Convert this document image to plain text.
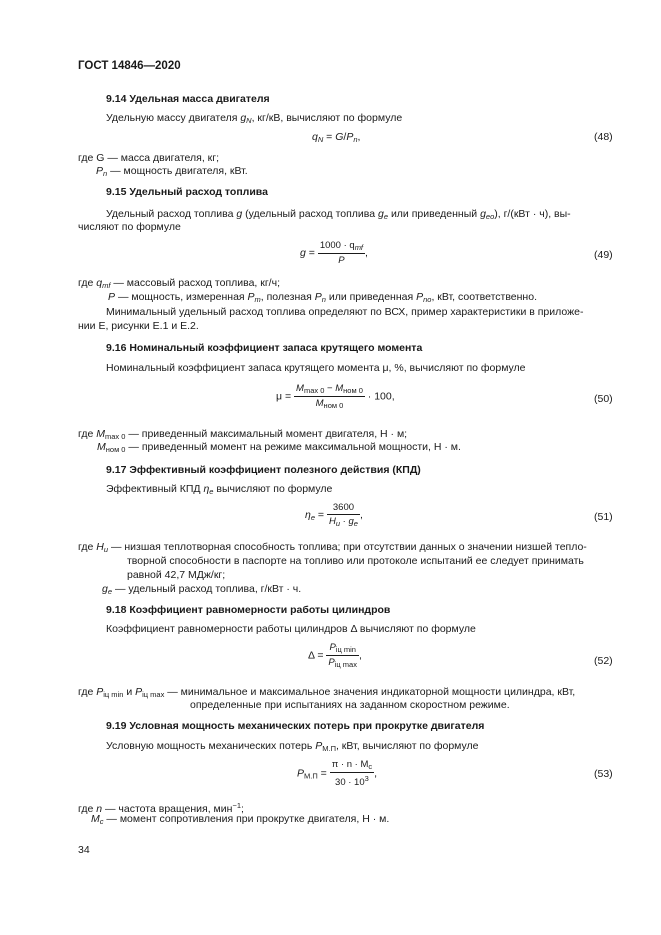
ГОСТ 14846—2020
9.14 Удельная масса двигателя
Удельную массу двигателя $g_N$, кг/кВ, вычисляют по формуле
$q_N = G/P_n$,	(48)
где G — масса двигателя, кг;
$P_n$ — мощность двигателя, кВт.
9.15 Удельный расход топлива
Удельный расход топлива g (удельный расход топлива $g_e$ или приведенный $g_{eo}$), г/(кВт · ч), вы-
числяют по формуле
$g = \frac{1000 \cdot q_{mf}}{P}$ ,	(49)
где $q_{mf}$ — массовый расход топлива, кг/ч;
P — мощность, измеренная $P_m$, полезная $P_n$ или приведенная $P_{no}$, кВт, соответственно.
Минимальный удельный расход топлива определяют по ВСХ, пример характеристики в приложе-
нии Е, рисунки Е.1 и Е.2.
9.16 Номинальный коэффициент запаса крутящего момента
Номинальный коэффициент запаса крутящего момента μ, %, вычисляют по формуле
$\mu = \frac{M_{max 0} - M_{ном 0}}{M_{ном 0}} \cdot 100$,	(50)
где $M_{max 0}$ — приведенный максимальный момент двигателя, Н · м;
$M_{ном 0}$ — приведенный момент на режиме максимальной мощности, Н · м.
9.17 Эффективный коэффициент полезного действия (КПД)
Эффективный КПД $\eta_e$ вычисляют по формуле
$\eta_e = \frac{3600}{H_u \cdot g_e}$ ,	(51)
где $H_u$ — низшая теплотворная способность топлива; при отсутствии данных о значении низшей тепло-
творной способности в паспорте на топливо или протоколе испытаний ее следует принимать
равной 42,7 МДж/кг;
$g_e$ — удельный расход топлива, г/кВт · ч.
9.18 Коэффициент равномерности работы цилиндров
Коэффициент равномерности работы цилиндров Δ вычисляют по формуле
$\Delta = \frac{P_{iц min}}{P_{iц max}}$ ,	(52)
где $P_{iц min}$ и $P_{iц max}$ — минимальное и максимальное значения индикаторной мощности цилиндра, кВт,
определенные при испытаниях на заданном скоростном режиме.
9.19 Условная мощность механических потерь при прокрутке двигателя
Условную мощность механических потерь $P_{М.П}$, кВт, вычисляют по формуле
$P_{М.П} = \frac{\pi \cdot n \cdot M_c}{30 \cdot 10^3}$ ,	(53)
где n — частота вращения, мин$^{-1}$;
$M_c$ — момент сопротивления при прокрутке двигателя, Н · м.
34
